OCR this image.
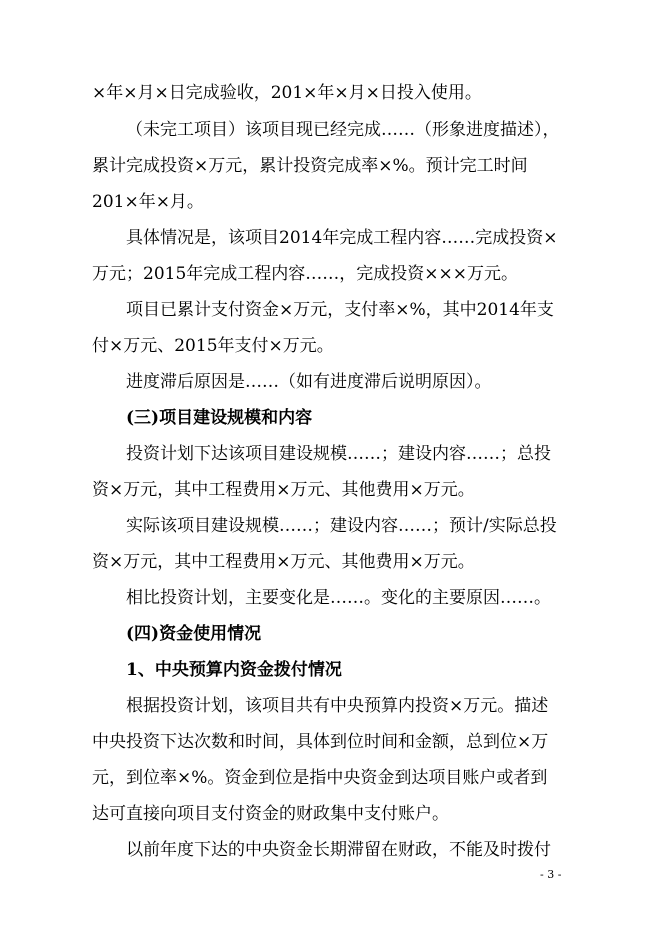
×年×月×日完成验收，201×年×月×日投入使用。
（未完工项目）该项目现已经完成……（形象进度描述），
累计完成投资×万元，累计投资完成率×%。预计完工时间
201×年×月。
具体情况是，该项目2014年完成工程内容……完成投资×
万元；2015年完成工程内容……，完成投资×××万元。
项目已累计支付资金×万元，支付率×%，其中2014年支
付×万元、2015年支付×万元。
进度滞后原因是……（如有进度滞后说明原因）。
(三)项目建设规模和内容
投资计划下达该项目建设规模……；建设内容……；总投
资×万元，其中工程费用×万元、其他费用×万元。
实际该项目建设规模……；建设内容……；预计/实际总投
资×万元，其中工程费用×万元、其他费用×万元。
相比投资计划，主要变化是……。变化的主要原因……。
(四)资金使用情况
1、中央预算内资金拨付情况
根据投资计划，该项目共有中央预算内投资×万元。描述
中央投资下达次数和时间，具体到位时间和金额，总到位×万
元，到位率×%。资金到位是指中央资金到达项目账户或者到
达可直接向项目支付资金的财政集中支付账户。
以前年度下达的中央资金长期滞留在财政，不能及时拨付
- 3 -
